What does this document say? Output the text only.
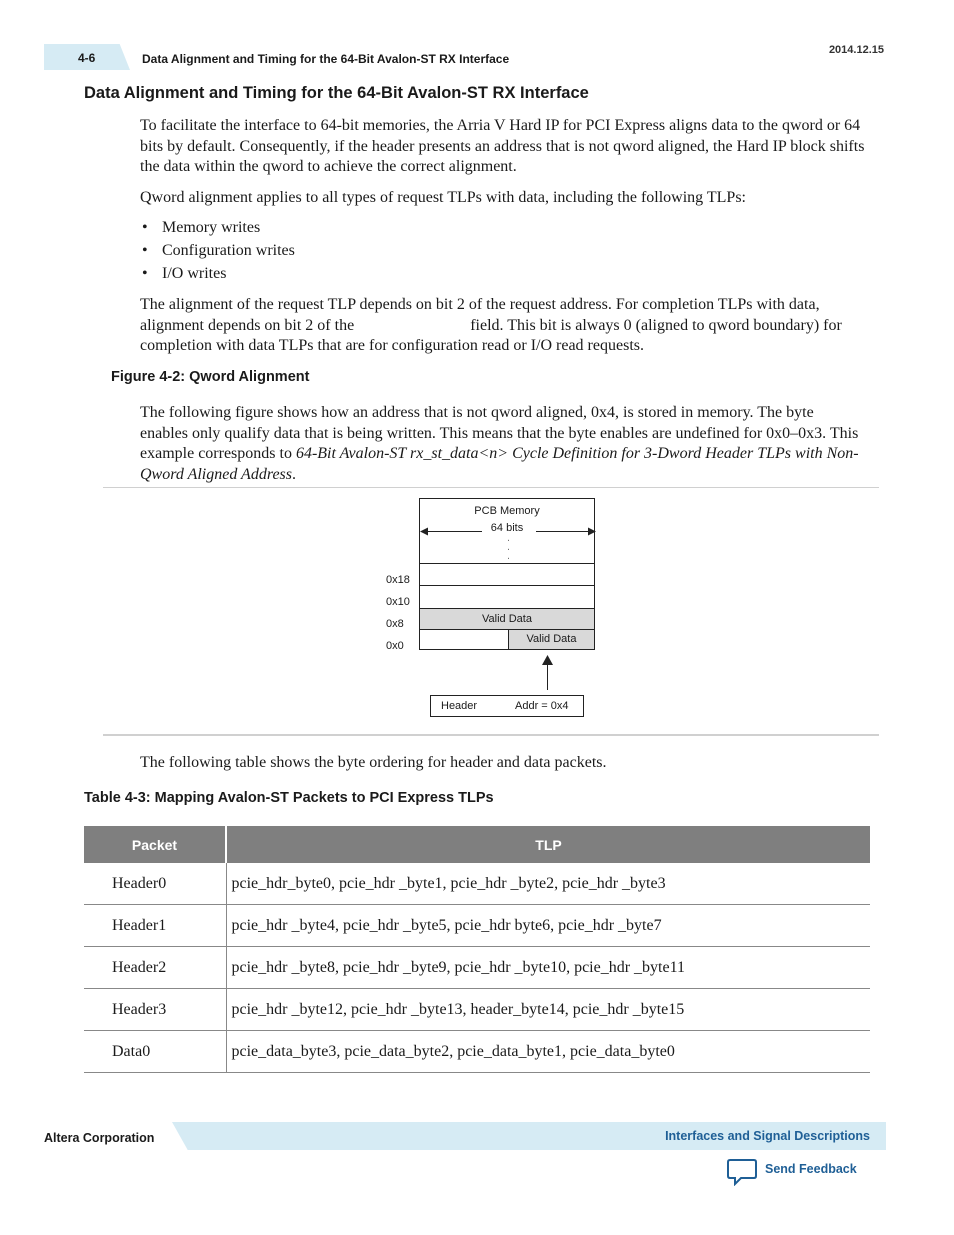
4-6	Data Alignment and Timing for the 64-Bit Avalon-ST RX Interface
2014.12.15
Data Alignment and Timing for the 64-Bit Avalon-ST RX Interface

To facilitate the interface to 64-bit memories, the Arria V Hard IP for PCI Express aligns data to the qword or 64 bits by default. Consequently, if the header presents an address that is not qword aligned, the Hard IP block shifts the data within the qword to achieve the correct alignment.

Qword alignment applies to all types of request TLPs with data, including the following TLPs:

• Memory writes
• Configuration writes
• I/O writes

The alignment of the request TLP depends on bit 2 of the request address. For completion TLPs with data, alignment depends on bit 2 of the	field. This bit is always 0 (aligned to qword boundary) for completion with data TLPs that are for configuration read or I/O read requests.

Figure 4-2: Qword Alignment

The following figure shows how an address that is not qword aligned, 0x4, is stored in memory. The byte enables only qualify data that is being written. This means that the byte enables are undefined for 0x0–0x3. This example corresponds to 64-Bit Avalon-ST rx_st_data<n> Cycle Definition for 3-Dword Header TLPs with Non-Qword Aligned Address.

PCB Memory
64 bits
. . .
Valid Data
Valid Data
0x18
0x10
0x8
0x0
Header	Addr = 0x4

The following table shows the byte ordering for header and data packets.

Table 4-3: Mapping Avalon-ST Packets to PCI Express TLPs

Packet	TLP
Header0	pcie_hdr_byte0, pcie_hdr _byte1, pcie_hdr _byte2, pcie_hdr _byte3
Header1	pcie_hdr _byte4, pcie_hdr _byte5, pcie_hdr byte6, pcie_hdr _byte7
Header2	pcie_hdr _byte8, pcie_hdr _byte9, pcie_hdr _byte10, pcie_hdr _byte11
Header3	pcie_hdr _byte12, pcie_hdr _byte13, header_byte14, pcie_hdr _byte15
Data0	pcie_data_byte3, pcie_data_byte2, pcie_data_byte1, pcie_data_byte0
Altera Corporation	Interfaces and Signal Descriptions
Send Feedback
